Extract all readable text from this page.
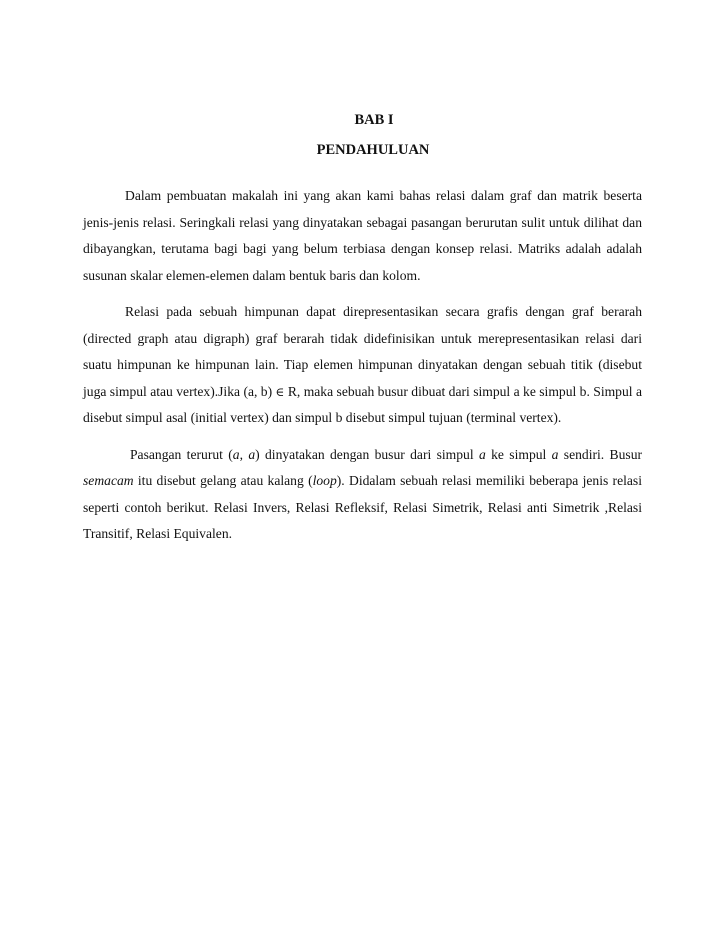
BAB I
PENDAHULUAN

Dalam pembuatan makalah ini yang akan kami bahas relasi dalam graf dan matrik beserta jenis-jenis relasi. Seringkali relasi yang dinyatakan sebagai pasangan berurutan sulit untuk dilihat dan dibayangkan, terutama bagi bagi yang belum terbiasa dengan konsep relasi. Matriks adalah adalah susunan skalar elemen-elemen dalam bentuk baris dan kolom.

Relasi pada sebuah himpunan dapat direpresentasikan secara grafis dengan graf berarah (directed graph atau digraph) graf berarah tidak didefinisikan untuk merepresentasikan relasi dari suatu himpunan ke himpunan lain. Tiap elemen himpunan dinyatakan dengan sebuah titik (disebut juga simpul atau vertex).Jika (a, b) ∈ R, maka sebuah busur dibuat dari simpul a ke simpul b. Simpul a disebut simpul asal (initial vertex) dan simpul b disebut simpul tujuan (terminal vertex).

Pasangan terurut (a, a) dinyatakan dengan busur dari simpul a ke simpul a sendiri. Busur semacam itu disebut gelang atau kalang (loop). Didalam sebuah relasi memiliki beberapa jenis relasi seperti contoh berikut. Relasi Invers, Relasi Refleksif, Relasi Simetrik, Relasi anti Simetrik ,Relasi Transitif, Relasi Equivalen.
